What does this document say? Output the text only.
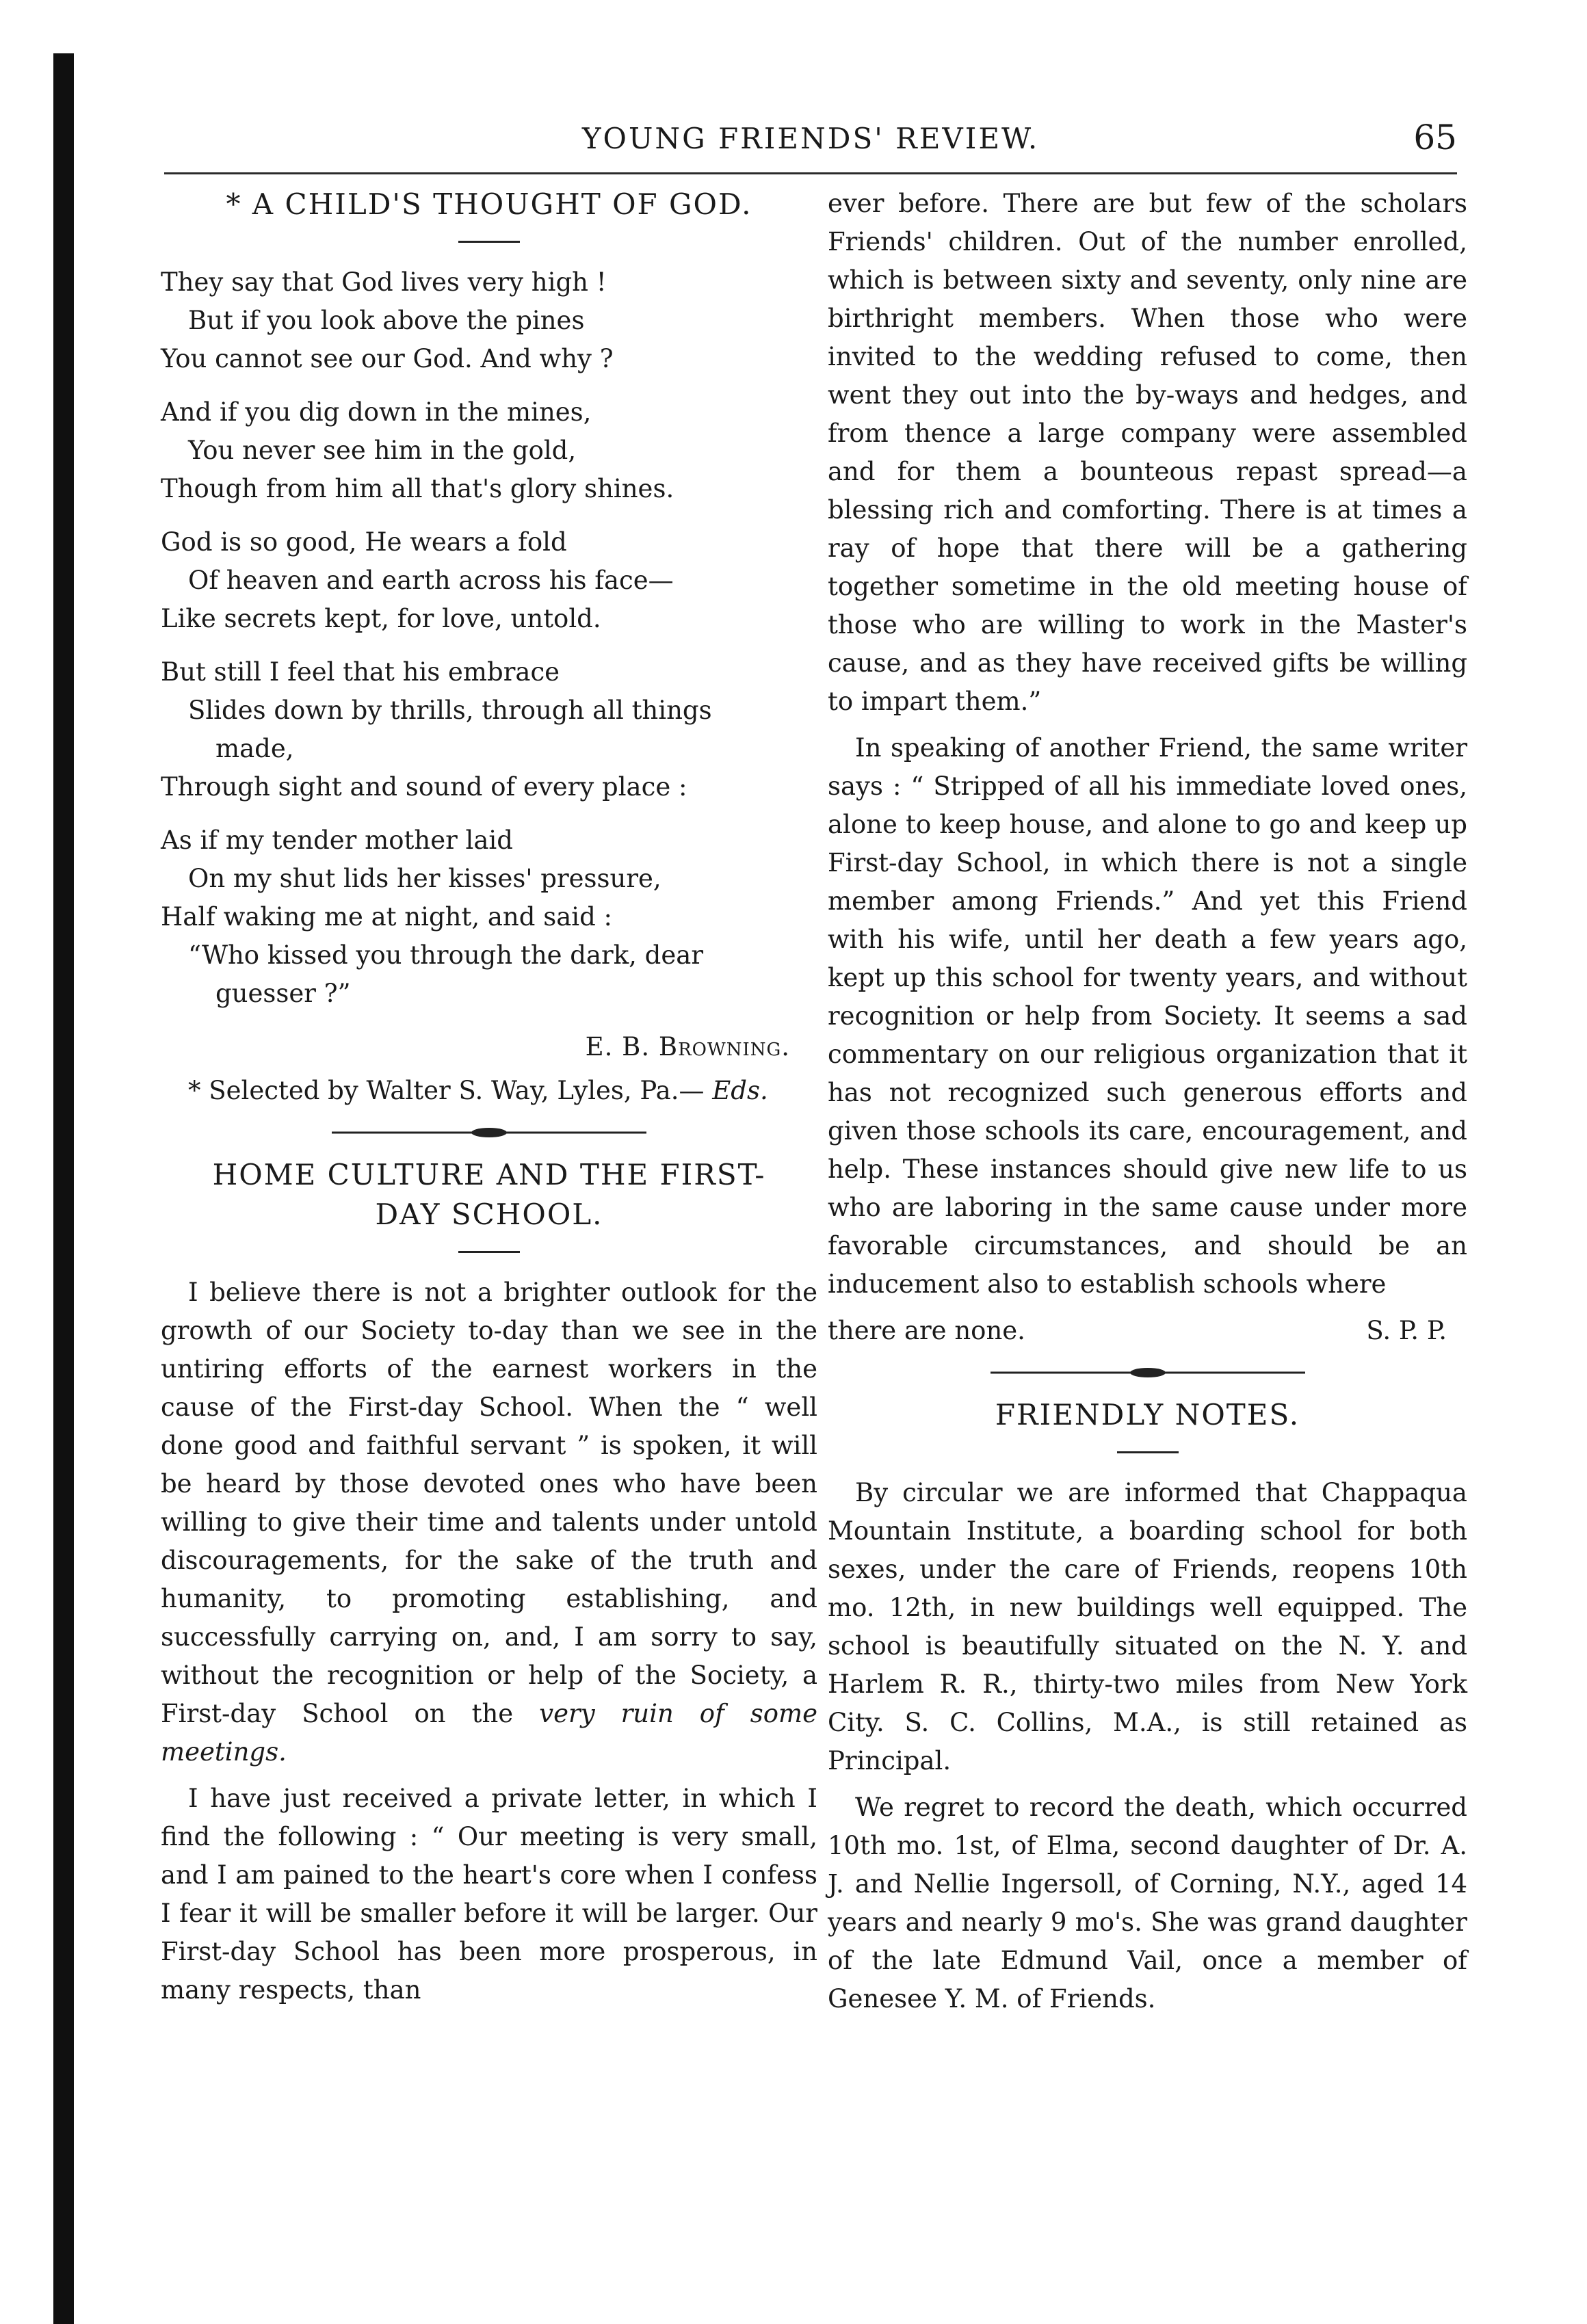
YOUNG FRIENDS' REVIEW.	65
* A CHILD'S THOUGHT OF GOD.
They say that God lives very high !
But if you look above the pines
You cannot see our God. And why ?
And if you dig down in the mines,
You never see him in the gold,
Though from him all that's glory shines.
God is so good, He wears a fold
Of heaven and earth across his face—
Like secrets kept, for love, untold.
But still I feel that his embrace
Slides down by thrills, through all things
made,
Through sight and sound of every place :
As if my tender mother laid
On my shut lids her kisses' pressure,
Half waking me at night, and said :
“Who kissed you through the dark, dear
guesser ?”
E. B. Browning.
* Selected by Walter S. Way, Lyles, Pa.— Eds.
HOME CULTURE AND THE FIRST-
DAY SCHOOL.

I believe there is not a brighter outlook for the growth of our Society to-day than we see in the untiring efforts of the earnest workers in the cause of the First-day School. When the “ well done good and faithful servant ” is spoken, it will be heard by those devoted ones who have been willing to give their time and talents under untold discouragements, for the sake of the truth and humanity, to promoting establishing, and successfully carrying on, and, I am sorry to say, without the recognition or help of the Society, a First-day School on the very ruin of some meetings.

I have just received a private letter, in which I find the following : “ Our meeting is very small, and I am pained to the heart's core when I confess I fear it will be smaller before it will be larger. Our First-day School has been more prosperous, in many respects, than

ever before. There are but few of the scholars Friends' children. Out of the number enrolled, which is between sixty and seventy, only nine are birthright members. When those who were invited to the wedding refused to come, then went they out into the by-ways and hedges, and from thence a large company were assembled and for them a bounteous repast spread—a blessing rich and comforting. There is at times a ray of hope that there will be a gathering together sometime in the old meeting house of those who are willing to work in the Master's cause, and as they have received gifts be willing to impart them.”

In speaking of another Friend, the same writer says : “ Stripped of all his immediate loved ones, alone to keep house, and alone to go and keep up First-day School, in which there is not a single member among Friends.” And yet this Friend with his wife, until her death a few years ago, kept up this school for twenty years, and without recognition or help from Society. It seems a sad commentary on our religious organization that it has not recognized such generous efforts and given those schools its care, encouragement, and help. These instances should give new life to us who are laboring in the same cause under more favorable circumstances, and should be an inducement also to establish schools where

there are none.	S. P. P.
FRIENDLY NOTES.

By circular we are informed that Chappaqua Mountain Institute, a boarding school for both sexes, under the care of Friends, reopens 10th mo. 12th, in new buildings well equipped. The school is beautifully situated on the N. Y. and Harlem R. R., thirty-two miles from New York City. S. C. Collins, M.A., is still retained as Principal.

We regret to record the death, which occurred 10th mo. 1st, of Elma, second daughter of Dr. A. J. and Nellie Ingersoll, of Corning, N.Y., aged 14 years and nearly 9 mo's. She was grand daughter of the late Edmund Vail, once a member of Genesee Y. M. of Friends.
